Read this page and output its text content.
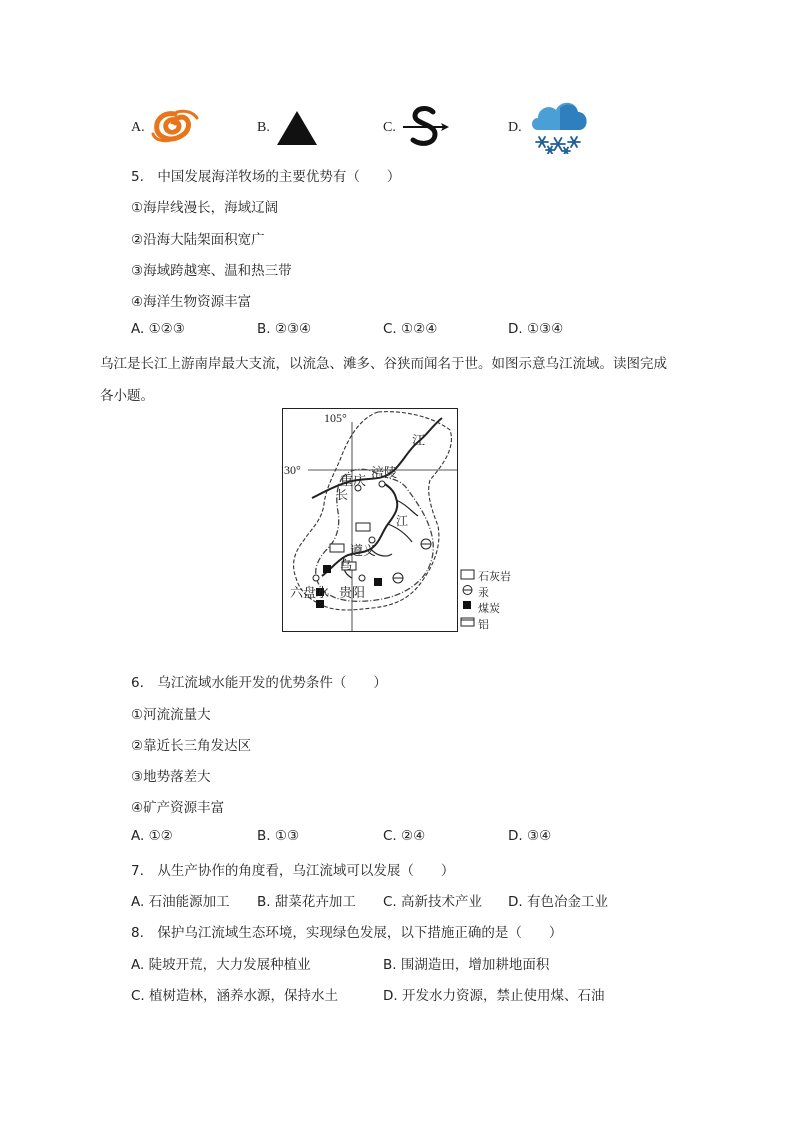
A.	B.	C.	D.
5.　中国发展海洋牧场的主要优势有（　　）
①海岸线漫长，海域辽阔
②沿海大陆架面积宽广
③海域跨越寒、温和热三带
④海洋生物资源丰富
A. ①②③	B. ②③④	C. ①②④	D. ①③④
乌江是长江上游南岸最大支流，以流急、滩多、谷狭而闻名于世。如图示意乌江流域。读图完成
各小题。
105°
30°
江
重庆
涪陵
长
江
遵义
乌
六盘水 贵阳
石灰岩
汞
煤炭
铝
6.　乌江流域水能开发的优势条件（　　）
①河流流量大
②靠近长三角发达区
③地势落差大
④矿产资源丰富
A. ①②	B. ①③	C. ②④	D. ③④
7.　从生产协作的角度看，乌江流域可以发展（　　）
A. 石油能源加工 B. 甜菜花卉加工 C. 高新技术产业 D. 有色冶金工业
8.　保护乌江流域生态环境，实现绿色发展，以下措施正确的是（　　）
A. 陡坡开荒，大力发展种植业	B. 围湖造田，增加耕地面积
C. 植树造林，涵养水源，保持水土	D. 开发水力资源，禁止使用煤、石油
